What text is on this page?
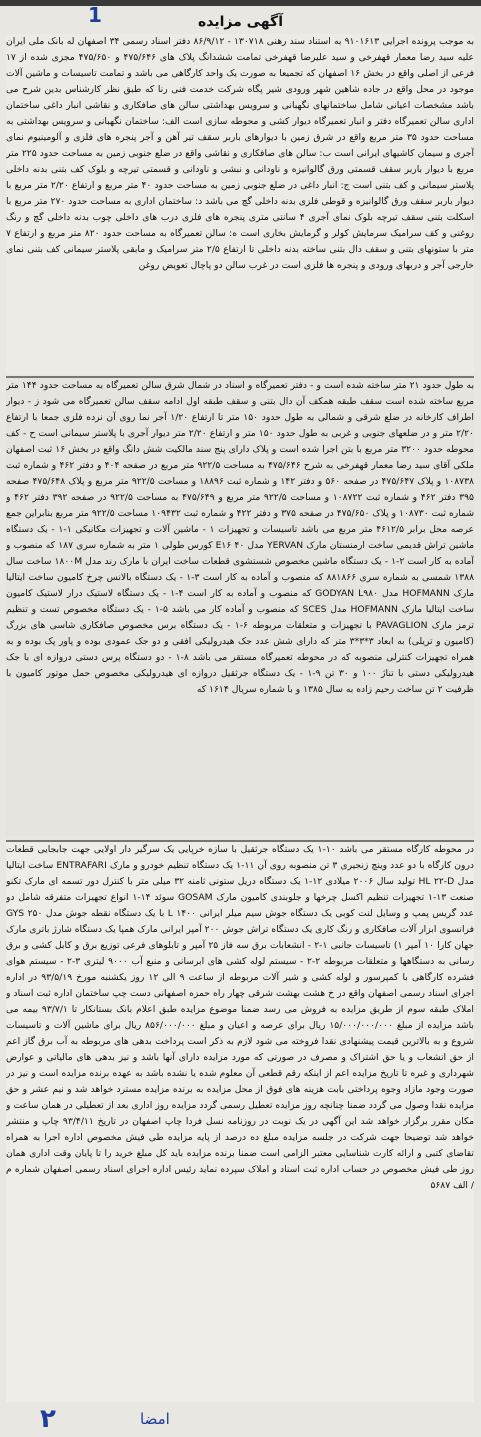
1	آگهی مزایده
به موجب پرونده اجرایی ۹۱۰۱۶۱۳ به استناد سند رهنی ۱۳۰۷۱۸ - ۸۶/۹/۱۲ دفتر اسناد رسمی ۳۴ اصفهان له بانک ملی ایران علیه سید رضا معمار قهفرخی و سید علیرضا قهفرخی تمامت ششدانگ پلاک های ۴۷۵/۶۴۶ و ۴۷۵/۶۵۰ مجزی شده از ۱۷ فرعی از اصلی واقع در بخش ۱۶ اصفهان که تجمیعا به صورت یک واحد کارگاهی می باشد و تمامت تاسیسات و ماشین آلات موجود در محل واقع در جاده شاهین شهر ورودی شیر پگاه شرکت خدمت فنی رنا که طبق نظر کارشناس بدین شرح می باشد مشخصات اعیانی شامل ساختمانهای نگهبانی و سرویس بهداشتی سالن های صافکاری و نقاشی انبار داغی ساختمان اداری سالن تعمیرگاه دفتر و انبار تعمیرگاه دیوار کشی و محوطه سازی است الف: ساختمان نگهبانی و سرویس بهداشتی به مساحت حدود ۳۵ متر مربع واقع در شرق زمین با دیوارهای باربر سقف تیر آهن و آجر پنجره های فلزی و آلومینیوم نمای آجری و سیمان کاشیهای ایرانی است ب: سالن های صافکاری و نقاشی واقع در ضلع جنوبی زمین به مساحت حدود ۲۲۵ متر مربع با دیوار باربر سقف قسمتی ورق گالوانیزه و ناودانی و نبشی و ناودانی و قسمتی تیرچه و بلوک کف بتنی بدنه داخلی پلاستر سیمانی و کف بتنی است ج: انبار داغی در ضلع جنوبی زمین به مساحت حدود ۴۰ متر مربع و ارتفاع ۲/۲۰ متر مربع با دیوار باربر سقف ورق گالوانیزه و قوطی فلزی بدنه داخلی گچ می باشد د: ساختمان اداری به مساحت حدود ۲۷۰ متر مربع با اسکلت بتنی سقف تیرچه بلوک نمای آجری ۴ سانتی متری پنجره های فلزی درب های داخلی چوب بدنه داخلی گچ و رنگ روغنی و کف سرامیک سرمایش کولر و گرمایش بخاری است ه: سالن تعمیرگاه به مساحت حدود ۸۲۰ متر مربع و ارتفاع ۷ متر با ستونهای بتنی و سقف دال بتنی ساخته بدنه داخلی تا ارتفاع ۲/۵ متر سرامیک و مابقی پلاستر سیمانی کف بتنی نمای خارجی آجر و دربهای ورودی و پنجره ها فلزی است در غرب سالن دو پاچال تعویض روغن
به طول حدود ۲۱ متر ساخته شده است و - دفتر تعمیرگاه و اسناد در شمال شرق سالن تعمیرگاه به مساحت حدود ۱۴۴ متر مربع ساخته شده است سقف طبقه همکف آن دال بتنی و سقف طبقه اول ادامه سقف سالن تعمیرگاه می شود ز - دیوار اطراف کارخانه در ضلع شرقی و شمالی به طول حدود ۱۵۰ متر تا ارتفاع ۱/۲۰ آجر نما روی آن نرده فلزی جمعا با ارتفاع ۲/۲۰ متر و در ضلعهای جنوبی و غربی به طول حدود ۱۵۰ متر و ارتفاع ۲/۲۰ متر دیوار آجری با پلاستر سیمانی است ح - کف محوطه حدود ۳۲۰۰ متر مربع با بتن اجرا شده است و پلاک دارای پنج سند مالکیت شش دانگ واقع در بخش ۱۶ ثبت اصفهان ملکی آقای سید رضا معمار قهفرخی به شرح ۴۷۵/۶۴۶ به مساحت ۹۲۲/۵ متر مربع در صفحه ۴۰۴ و دفتر ۴۶۲ و شماره ثبت ۱۰۸۷۳۸ و پلاک ۴۷۵/۶۴۷ در صفحه ۵۶۰ و دفتر ۱۴۲ و شماره ثبت ۱۸۸۹۶ و مساحت ۹۲۲/۵ متر مربع و پلاک ۴۷۵/۶۴۸ صفحه ۳۹۵ دفتر ۴۶۲ و شماره ثبت ۱۰۸۷۲۲ و مساحت ۹۲۲/۵ متر مربع و ۴۷۵/۶۴۹ به مساحت ۹۲۲/۵ در صفحه ۳۹۲ دفتر ۴۶۲ و شماره ثبت ۱۰۸۷۳۰ و پلاک ۴۷۵/۶۵۰ در صفحه ۳۷۵ و دفتر ۴۲۲ و شماره ثبت ۱۰۹۴۳۲ مساحت ۹۲۲/۵ متر مربع بنابراین جمع عرصه محل برابر ۴۶۱۲/۵ متر مربع می باشد تاسیسات و تجهیزات ۱ - ماشین آلات و تجهیزات مکانیکی ۱-۱ - یک دستگاه ماشین تراش قدیمی ساخت ارمنستان مارک YERVAN مدل E۱۶ ۴۰ کورس طولی ۱ متر به شماره سری ۱۸۷ که منصوب و آماده به کار است ۲-۱ - یک دستگاه ماشین مخصوص شستشوی قطعات ساخت ایران با مارک رند مدل ۱۸۰۰M ساخت سال ۱۳۸۸ شمسی به شماره سری ۸۸۱۸۶۶ که منصوب و آماده به کار است ۳-۱ - یک دستگاه بالانس چرخ کامیون ساخت ایتالیا مارک HOFMANN مدل GODYAN L۹۸۰ که منصوب و آماده به کار است ۴-۱ - یک دستگاه لاستیک درار لاستیک کامیون ساخت ایتالیا مارک HOFMANN مدل SCES که منصوب و آماده کار می باشد ۵-۱ - یک دستگاه مخصوص تست و تنظیم ترمز مارک PAVAGLION با تجهیزات و متعلقات مربوطه ۶-۱ - یک دستگاه برس مخصوص صافکاری شاسی های بزرگ (کامیون و تریلی) به ابعاد ۳*۳*۳ متر که دارای شش عدد جک هیدرولیکی افقی و دو جک عمودی بوده و پاور پک بوده و به همراه تجهیزات کنترلی منصوبه که در محوطه تعمیرگاه مستقر می باشد ۸-۱ - دو دستگاه پرس دستی دروازه ای با جک هیدرولیکی دستی با تناژ ۱۰۰ و ۳۰ تن ۹-۱ - یک دستگاه جرثقیل دروازه ای هیدرولیکی مخصوص حمل موتور کامیون با ظرفیت ۲ تن ساخت رحیم زاده به سال ۱۳۸۵ و با شماره سریال ۱۶۱۴ که
در محوطه کارگاه مستقر می باشد ۱۰-۱ یک دستگاه جرثقیل با سازه خرپایی یک سرگیر دار اولایی جهت جابجایی قطعات درون کارگاه با دو عدد وینچ زنجیری ۳ تن منصوبه روی آن ۱۱-۱ یک دستگاه تنظیم خودرو و مارک ENTRAFARI ساخت ایتالیا مدل HL ۲۲-D تولید سال ۲۰۰۶ میلادی ۱۲-۱ یک دستگاه دریل ستونی ثامنه ۳۲ میلی متر با کنترل دور تسمه ای مارک تکنو صنعت ۱۳-۱ تجهیزات تنظیم اکسل چرخها و جلوبندی کامیون مارک GOSAM سوئد ۱۴-۱ انواع تجهیزات متفرقه شامل دو عدد گریس پمپ و وسایل لنت کوبی یک دستگاه جوش سیم میلر ایرانی ۱۴۰۰ L با یک دستگاه نقطه جوش مدل ۲۵۰ GYS فرانسوی ابزار آلات صافکاری و رنگ کاری یک دستگاه تراش جوش ۲۰۰ آمپر ایرانی مارک همپا یک دستگاه شارژ باتری مارک جهان کارا ۱۰ آمپر ۱) تاسیسات جانبی ۱-۲ - انشعابات برق سه فاز ۲۵ آمپر و تابلوهای فرعی توزیع برق و کابل کشی و برق رسانی به دستگاهها و متعلقات مربوطه ۲-۲ - سیستم لوله کشی های ابرسانی و منبع آب ۹۰۰۰ لیتری ۳-۲ - سیستم هوای فشرده کارگاهی با کمپرسور و لوله کشی و شیر آلات مربوطه از ساعت ۹ الی ۱۲ روز یکشنبه مورخ ۹۳/۵/۱۹ در اداره اجرای اسناد رسمی اصفهان واقع در خ هشت بهشت شرقی چهار راه حمزه اصفهانی دست چپ ساختمان اداره ثبت اسناد و املاک طبقه سوم از طریق مزایده به فروش می رسد ضمنا موضوع مزایده طبق اعلام بانک بستانکار تا ۹۳/۷/۱ بیمه می باشد مزایده از مبلغ ۱۵/۰۰۰/۰۰۰/۰۰۰ ریال برای عرصه و اعیان و مبلغ ۸۵۶/۰۰۰/۰۰۰ ریال برای ماشین آلات و تاسیسات شروع و به بالاترین قیمت پیشنهادی نقدا فروخته می شود لازم به ذکر است پرداخت بدهی های مربوطه به آب برق گاز اعم از حق انشعاب و یا حق اشتراک و مصرف در صورتی که مورد مزایده دارای آنها باشد و نیز بدهی های مالیاتی و عوارض شهرداری و غیره تا تاریخ مزایده اعم از اینکه رقم قطعی آن معلوم شده یا نشده باشد به عهده برنده مزایده است و نیز در صورت وجود مازاد وجوه پرداختی بابت هزینه های فوق از محل مزایده به برنده مزایده مسترد خواهد شد و نیم عشر و حق مزایده نقدا وصول می گردد ضمنا چنانچه روز مزایده تعطیل رسمی گردد مزایده روز اداری بعد از تعطیلی در همان ساعت و مکان مقرر برگزار خواهد شد این آگهی در یک نوبت در روزنامه نسل فردا چاپ اصفهان در تاریخ ۹۳/۴/۱۱ چاپ و منتشر خواهد شد توضیحا جهت شرکت در جلسه مزایده مبلغ ده درصد از پایه مزایده طی فیش مخصوص اداره اجرا به همراه تقاضای کتبی و ارائه کارت شناسایی معتبر الزامی است ضمنا برنده مزایده باید کل مبلغ خرید را تا پایان وقت اداری همان روز طی فیش مخصوص در حساب اداره ثبت اسناد و املاک سپرده نماید رئیس اداره اجرای اسناد رسمی اصفهان شماره م / الف ۵۶۸۷
۲	امضا
